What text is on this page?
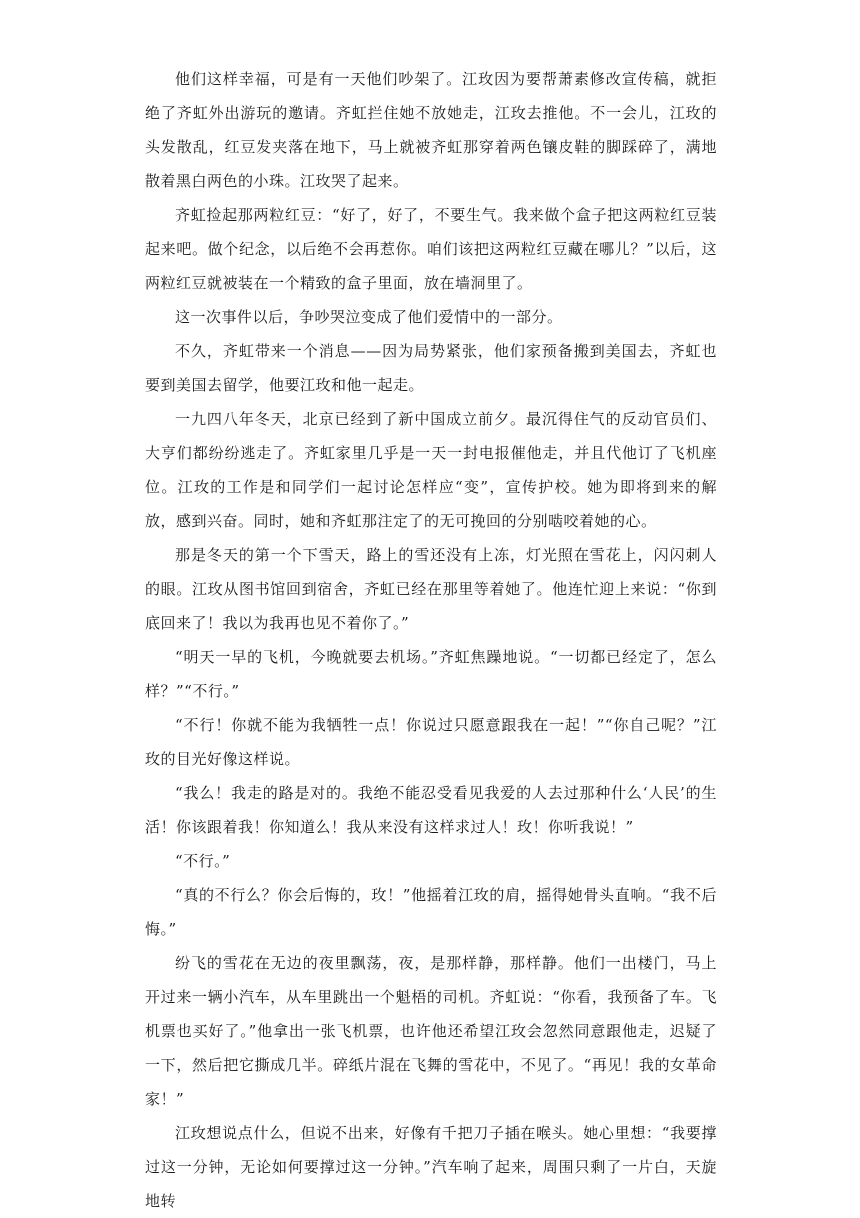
他们这样幸福，可是有一天他们吵架了。江玫因为要帮萧素修改宣传稿，就拒绝了齐虹外出游玩的邀请。齐虹拦住她不放她走，江玫去推他。不一会儿，江玫的头发散乱，红豆发夹落在地下，马上就被齐虹那穿着两色镶皮鞋的脚踩碎了，满地散着黑白两色的小珠。江玫哭了起来。

齐虹捡起那两粒红豆：“好了，好了，不要生气。我来做个盒子把这两粒红豆装起来吧。做个纪念，以后绝不会再惹你。咱们该把这两粒红豆藏在哪儿？”以后，这两粒红豆就被装在一个精致的盒子里面，放在墙洞里了。

这一次事件以后，争吵哭泣变成了他们爱情中的一部分。

不久，齐虹带来一个消息——因为局势紧张，他们家预备搬到美国去，齐虹也要到美国去留学，他要江玫和他一起走。

一九四八年冬天，北京已经到了新中国成立前夕。最沉得住气的反动官员们、大亨们都纷纷逃走了。齐虹家里几乎是一天一封电报催他走，并且代他订了飞机座位。江玫的工作是和同学们一起讨论怎样应“变”，宣传护校。她为即将到来的解放，感到兴奋。同时，她和齐虹那注定了的无可挽回的分别啮咬着她的心。

那是冬天的第一个下雪天，路上的雪还没有上冻，灯光照在雪花上，闪闪刺人的眼。江玫从图书馆回到宿舍，齐虹已经在那里等着她了。他连忙迎上来说：“你到底回来了！我以为我再也见不着你了。”

“明天一早的飞机，今晚就要去机场。”齐虹焦躁地说。“一切都已经定了，怎么样？”“不行。”

“不行！你就不能为我牺牲一点！你说过只愿意跟我在一起！”“你自己呢？”江玫的目光好像这样说。

“我么！我走的路是对的。我绝不能忍受看见我爱的人去过那种什么‘人民’的生活！你该跟着我！你知道么！我从来没有这样求过人！玫！你听我说！”

“不行。”

“真的不行么？你会后悔的，玫！”他摇着江玫的肩，摇得她骨头直响。“我不后悔。”

纷飞的雪花在无边的夜里飘荡，夜，是那样静，那样静。他们一出楼门，马上开过来一辆小汽车，从车里跳出一个魁梧的司机。齐虹说：“你看，我预备了车。飞机票也买好了。”他拿出一张飞机票，也许他还希望江玫会忽然同意跟他走，迟疑了一下，然后把它撕成几半。碎纸片混在飞舞的雪花中，不见了。“再见！我的女革命家！”

江玫想说点什么，但说不出来，好像有千把刀子插在喉头。她心里想：“我要撑过这一分钟，无论如何要撑过这一分钟。”汽车响了起来，周围只剩了一片白，天旋地转
